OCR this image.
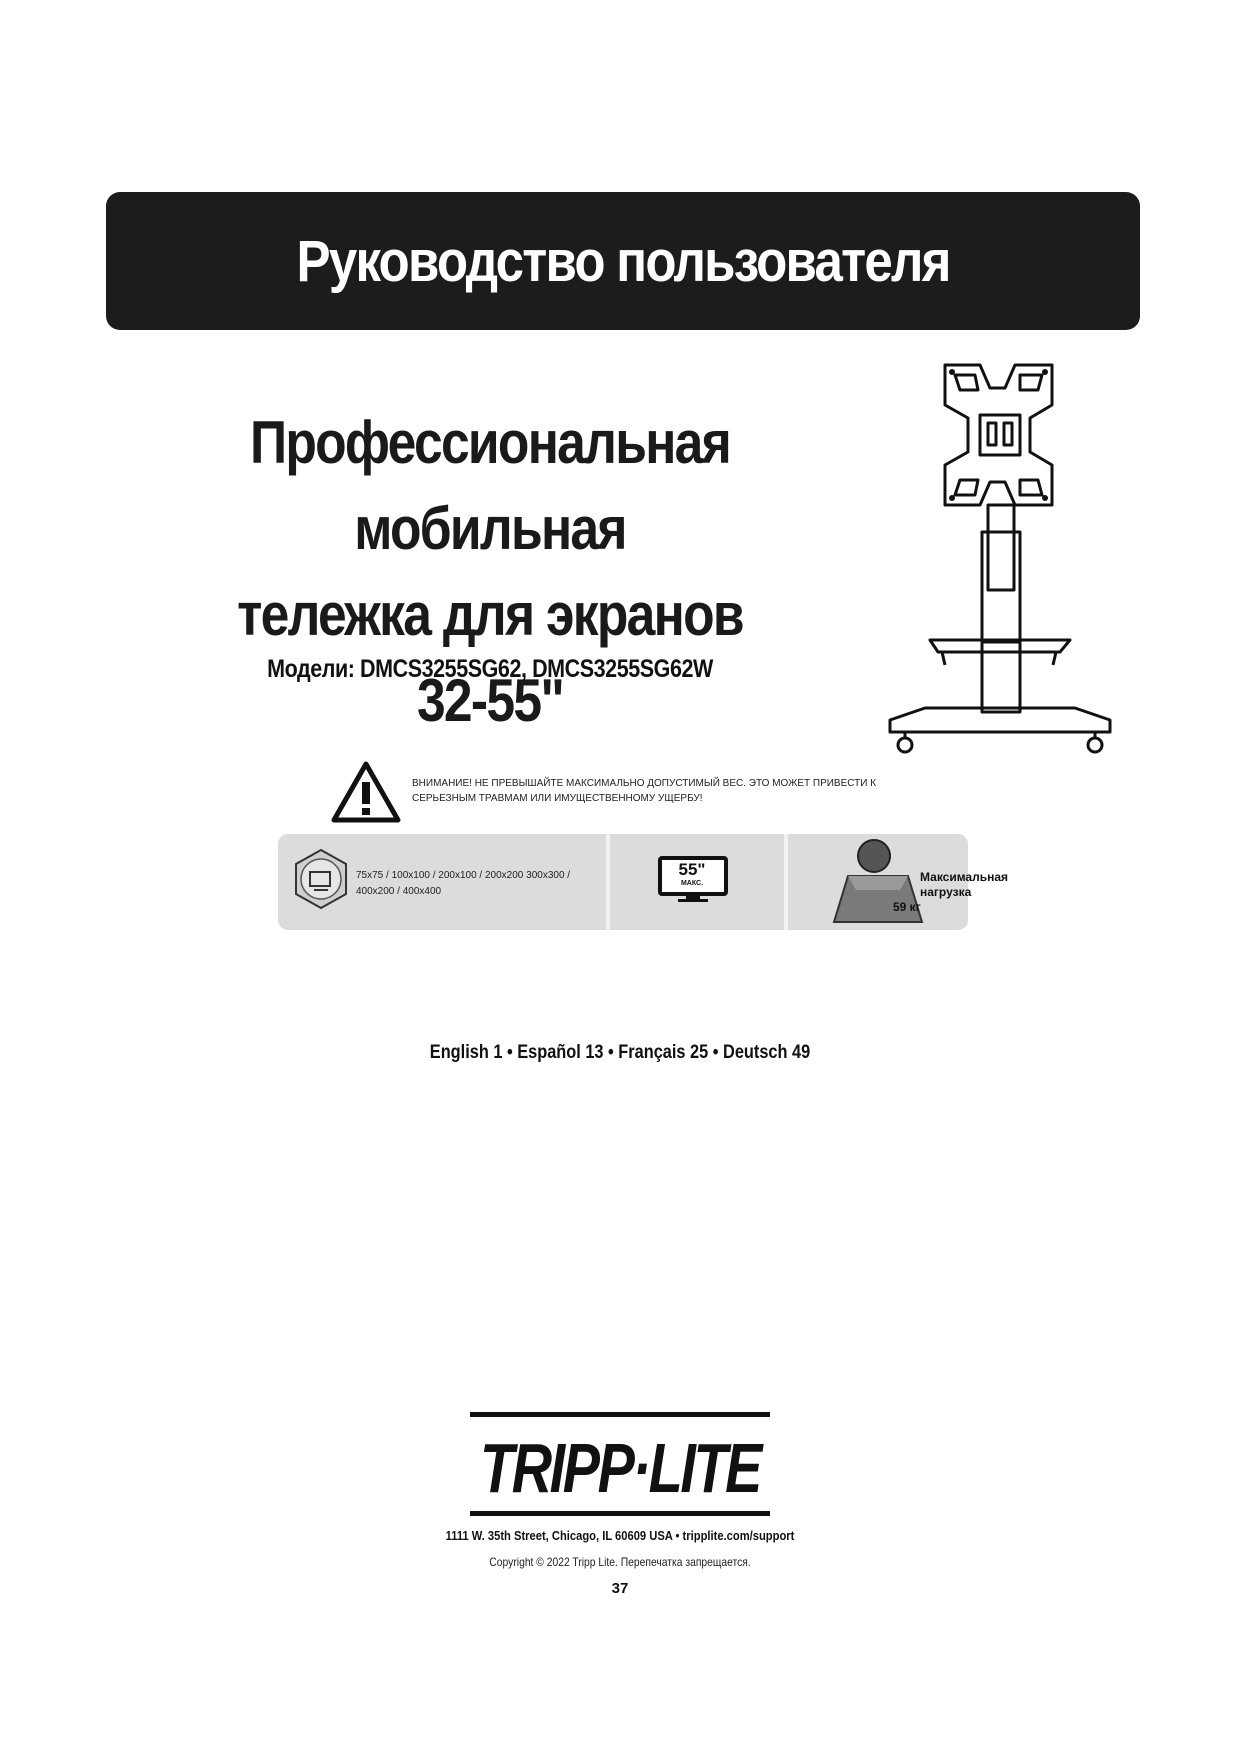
Руководство пользователя
Профессиональная мобильная
тележка для экранов
32-55"
Модели: DMCS3255SG62, DMCS3255SG62W
ВНИМАНИЕ! НЕ ПРЕВЫШАЙТЕ МАКСИМАЛЬНО ДОПУСТИМЫЙ ВЕС. ЭТО МОЖЕТ ПРИВЕСТИ К СЕРЬЕЗНЫМ ТРАВМАМ ИЛИ ИМУЩЕСТВЕННОМУ УЩЕРБУ!
75x75 / 100x100 / 200x100 / 200x200 300x300 / 400x200 / 400x400
55"
МАКС.	Максимальная нагрузка
59 кг
English 1 • Español 13 • Français 25 • Deutsch 49
TRIPP·LITE
1111 W. 35th Street, Chicago, IL 60609 USA • tripplite.com/support
Copyright © 2022 Tripp Lite. Перепечатка запрещается.
37
